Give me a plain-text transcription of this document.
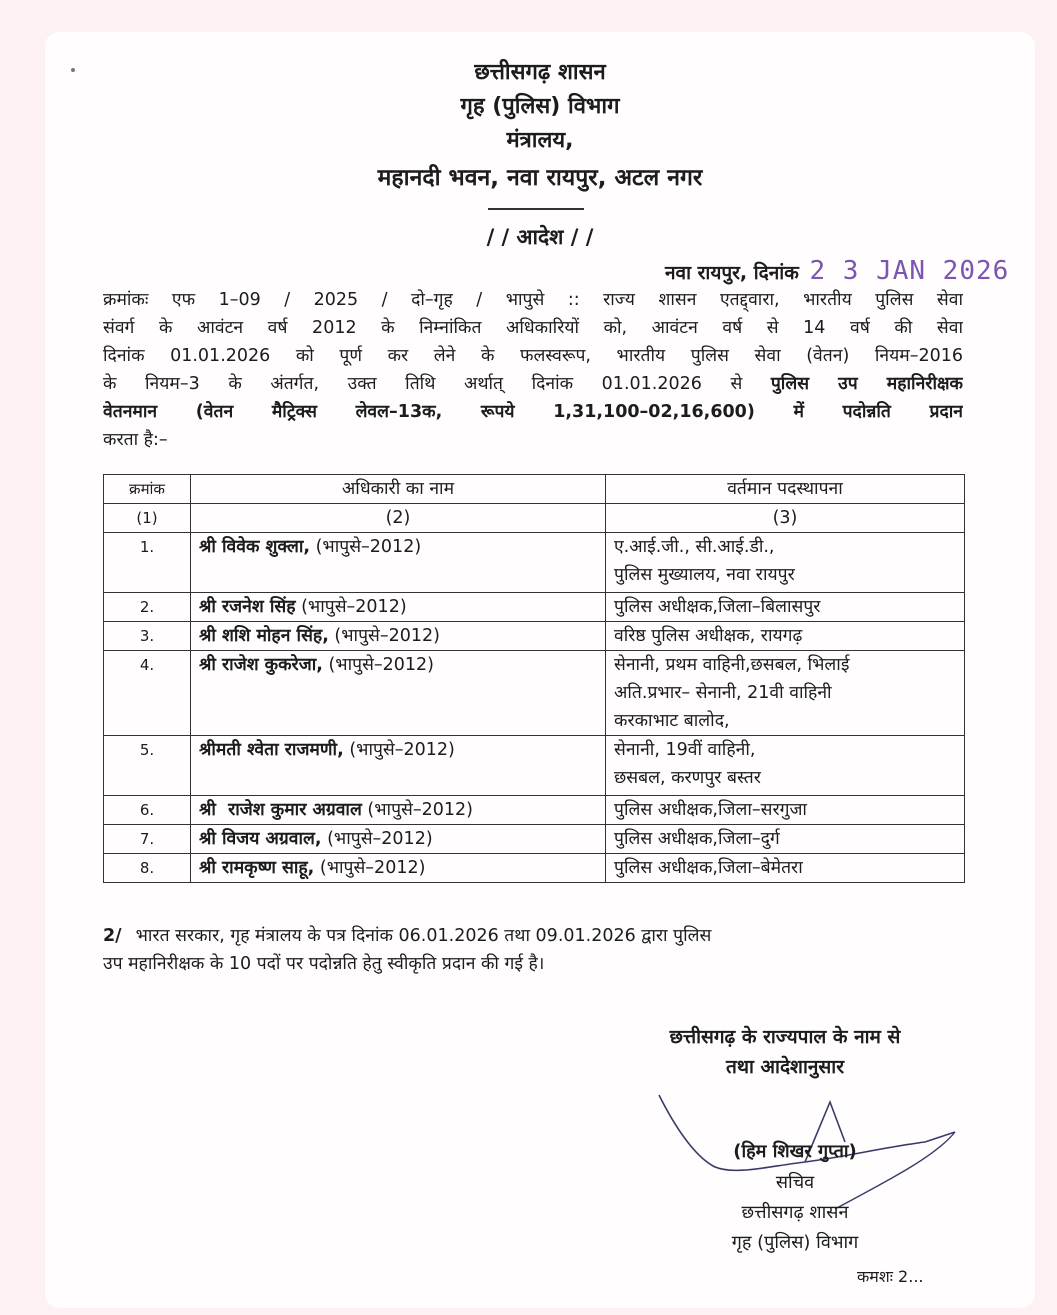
छत्तीसगढ़ शासन
गृह (पुलिस) विभाग
मंत्रालय,
महानदी भवन, नवा रायपुर, अटल नगर
/ / आदेश / /
नवा रायपुर, दिनांक 2 3 JAN 2026
क्रमांकः एफ 1–09 / 2025 / दो–गृह / भापुसे :: राज्य शासन एतद्द्वारा, भारतीय पुलिस सेवा
संवर्ग के आवंटन वर्ष 2012 के निम्नांकित अधिकारियों को, आवंटन वर्ष से 14 वर्ष की सेवा
दिनांक 01.01.2026 को पूर्ण कर लेने के फलस्वरूप, भारतीय पुलिस सेवा (वेतन) नियम–2016
के नियम–3 के अंतर्गत, उक्त तिथि अर्थात् दिनांक 01.01.2026 से पुलिस उप महानिरीक्षक
वेतनमान (वेतन मैट्रिक्स लेवल–13क, रूपये 1,31,100–02,16,600) में पदोन्नति प्रदान
करता है:–
क्रमांक	अधिकारी का नाम	वर्तमान पदस्थापना
(1)	(2)	(3)
1.	श्री विवेक शुक्ला, (भापुसे–2012)	ए.आई.जी., सी.आई.डी.,
पुलिस मुख्यालय, नवा रायपुर

2.	श्री रजनेश सिंह (भापुसे–2012)	पुलिस अधीक्षक,जिला–बिलासपुर

3.	श्री शशि मोहन सिंह, (भापुसे–2012)	वरिष्ठ पुलिस अधीक्षक, रायगढ़

4.	श्री राजेश कुकरेजा, (भापुसे–2012)	सेनानी, प्रथम वाहिनी,छसबल, भिलाई
अति.प्रभार– सेनानी, 21वी वाहिनी
करकाभाट बालोद,

5.	श्रीमती श्वेता राजमणी, (भापुसे–2012)	सेनानी, 19वीं वाहिनी,
छसबल, करणपुर बस्तर

6.	श्री  राजेश कुमार अग्रवाल (भापुसे–2012)	पुलिस अधीक्षक,जिला–सरगुजा

7.	श्री विजय अग्रवाल, (भापुसे–2012)	पुलिस अधीक्षक,जिला–दुर्ग

8.	श्री रामकृष्ण साहू, (भापुसे–2012)	पुलिस अधीक्षक,जिला–बेमेतरा
2/ भारत सरकार, गृह मंत्रालय के पत्र दिनांक 06.01.2026 तथा 09.01.2026 द्वारा पुलिस
उप महानिरीक्षक के 10 पदों पर पदोन्नति हेतु स्वीकृति प्रदान की गई है।
छत्तीसगढ़ के राज्यपाल के नाम से
तथा आदेशानुसार
(हिम शिखर गुप्ता)
सचिव
छत्तीसगढ़ शासन
गृह (पुलिस) विभाग
कमशः 2...
